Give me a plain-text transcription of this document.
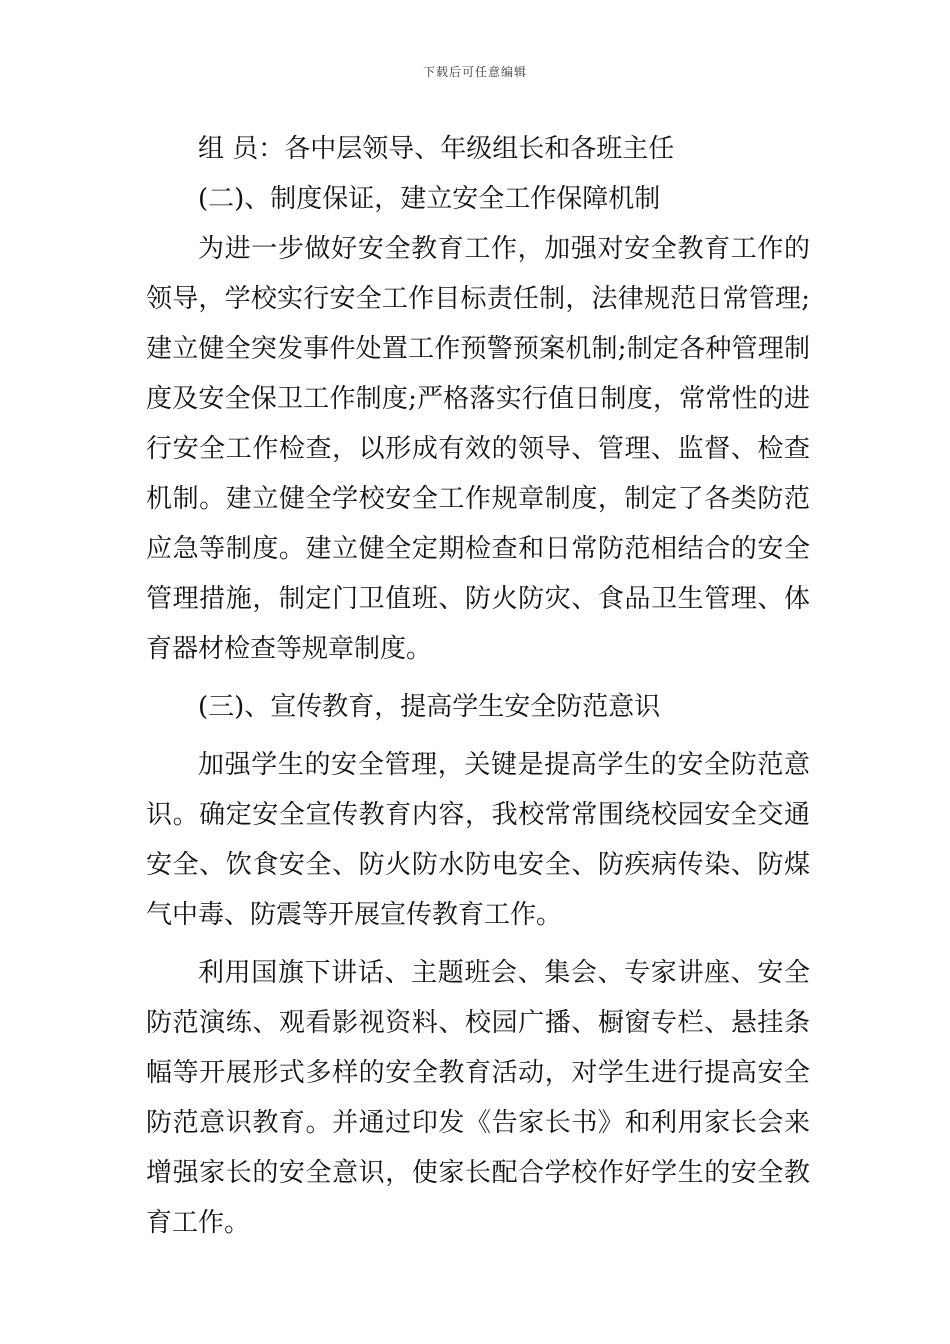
下载后可任意编辑
组 员：各中层领导、年级组长和各班主任
(二)、制度保证，建立安全工作保障机制
为进一步做好安全教育工作，加强对安全教育工作的
领导，学校实行安全工作目标责任制，法律规范日常管理;
建立健全突发事件处置工作预警预案机制;制定各种管理制
度及安全保卫工作制度;严格落实行值日制度，常常性的进
行安全工作检查，以形成有效的领导、管理、监督、检查
机制。建立健全学校安全工作规章制度，制定了各类防范
应急等制度。建立健全定期检查和日常防范相结合的安全
管理措施，制定门卫值班、防火防灾、食品卫生管理、体
育器材检查等规章制度。
(三)、宣传教育，提高学生安全防范意识
加强学生的安全管理，关键是提高学生的安全防范意
识。确定安全宣传教育内容，我校常常围绕校园安全交通
安全、饮食安全、防火防水防电安全、防疾病传染、防煤
气中毒、防震等开展宣传教育工作。
利用国旗下讲话、主题班会、集会、专家讲座、安全
防范演练、观看影视资料、校园广播、橱窗专栏、悬挂条
幅等开展形式多样的安全教育活动，对学生进行提高安全
防范意识教育。并通过印发《告家长书》和利用家长会来
增强家长的安全意识，使家长配合学校作好学生的安全教
育工作。
